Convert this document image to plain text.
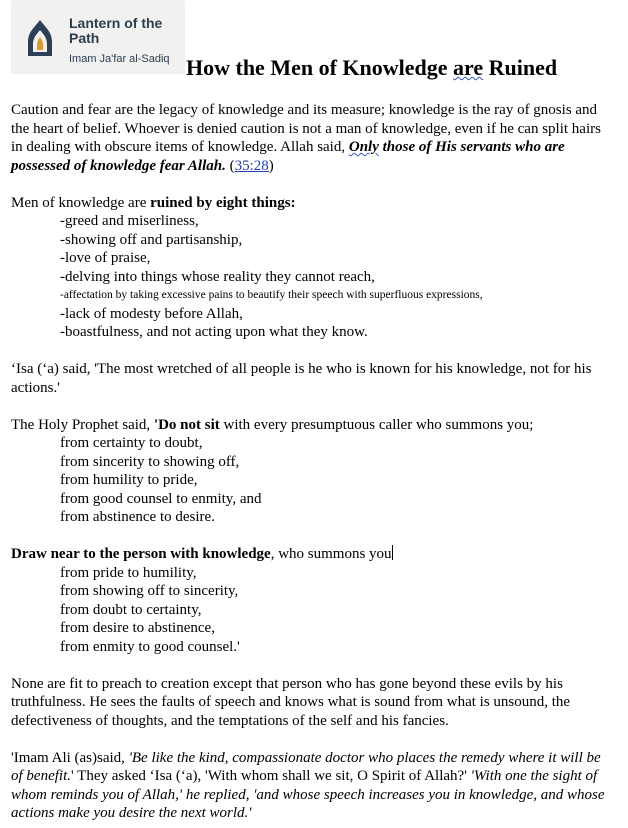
Lantern of the Path
Imam Ja'far al-Sadiq How the Men of Knowledge are Ruined

Caution and fear are the legacy of knowledge and its measure; knowledge is the ray of gnosis and the heart of belief. Whoever is denied caution is not a man of knowledge, even if he can split hairs in dealing with obscure items of knowledge. Allah said, Only those of His servants who are possessed of knowledge fear Allah. (35:28)

Men of knowledge are ruined by eight things:

-greed and miserliness,

-showing off and partisanship,

-love of praise,

-delving into things whose reality they cannot reach,

-affectation by taking excessive pains to beautify their speech with superfluous expressions,

-lack of modesty before Allah,

-boastfulness, and not acting upon what they know.

‘Isa (‘a) said, 'The most wretched of all people is he who is known for his knowledge, not for his actions.'

The Holy Prophet said, 'Do not sit with every presumptuous caller who summons you;

from certainty to doubt,

from sincerity to showing off,

from humility to pride,

from good counsel to enmity, and

from abstinence to desire.

Draw near to the person with knowledge, who summons you

from pride to humility,

from showing off to sincerity,

from doubt to certainty,

from desire to abstinence,

from enmity to good counsel.'

None are fit to preach to creation except that person who has gone beyond these evils by his truthfulness. He sees the faults of speech and knows what is sound from what is unsound, the defectiveness of thoughts, and the temptations of the self and his fancies.

'Imam Ali (as)said, 'Be like the kind, compassionate doctor who places the remedy where it will be of benefit.' They asked ‘Isa (‘a), 'With whom shall we sit, O Spirit of Allah?' 'With one the sight of whom reminds you of Allah,' he replied, 'and whose speech increases you in knowledge, and whose actions make you desire the next world.'
